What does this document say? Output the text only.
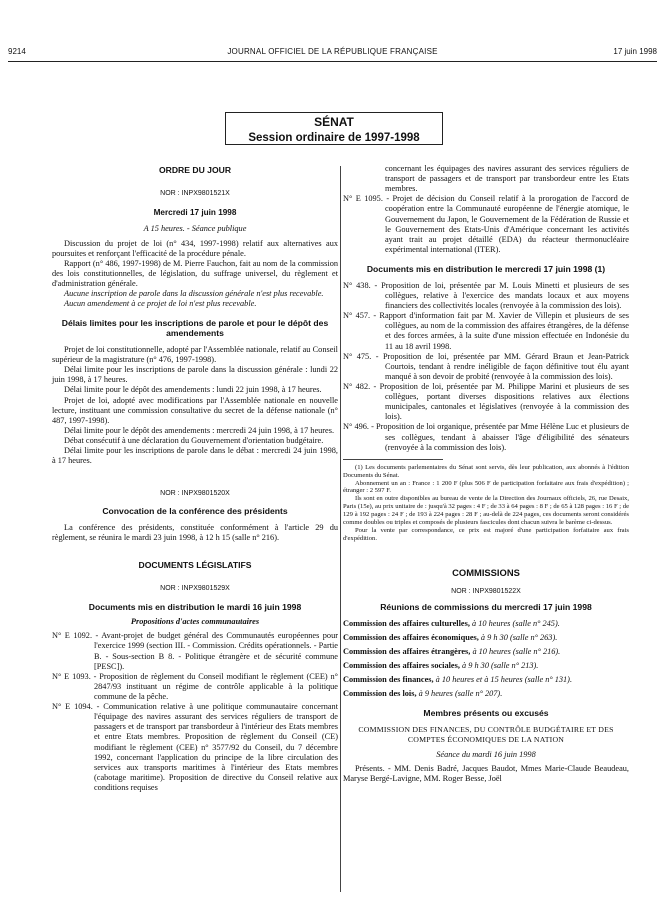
9214	JOURNAL OFFICIEL DE LA RÉPUBLIQUE FRANÇAISE	17 juin 1998
SÉNAT
Session ordinaire de 1997-1998
ORDRE DU JOUR
NOR : INPX9801521X
Mercredi 17 juin 1998
A 15 heures. - Séance publique

Discussion du projet de loi (n° 434, 1997-1998) relatif aux alternatives aux poursuites et renforçant l'efficacité de la procédure pénale.

Rapport (n° 486, 1997-1998) de M. Pierre Fauchon, fait au nom de la commission des lois constitutionnelles, de législation, du suffrage universel, du règlement et d'administration générale.

Aucune inscription de parole dans la discussion générale n'est plus recevable.

Aucun amendement à ce projet de loi n'est plus recevable.

Délais limites pour les inscriptions de parole et pour le dépôt des amendements

Projet de loi constitutionnelle, adopté par l'Assemblée nationale, relatif au Conseil supérieur de la magistrature (n° 476, 1997-1998).

Délai limite pour les inscriptions de parole dans la discussion générale : lundi 22 juin 1998, à 17 heures.

Délai limite pour le dépôt des amendements : lundi 22 juin 1998, à 17 heures.

Projet de loi, adopté avec modifications par l'Assemblée nationale en nouvelle lecture, instituant une commission consultative du secret de la défense nationale (n° 487, 1997-1998).

Délai limite pour le dépôt des amendements : mercredi 24 juin 1998, à 17 heures.

Débat consécutif à une déclaration du Gouvernement d'orientation budgétaire.

Délai limite pour les inscriptions de parole dans le débat : mercredi 24 juin 1998, à 17 heures.

NOR : INPX9801520X
Convocation de la conférence des présidents

La conférence des présidents, constituée conformément à l'article 29 du règlement, se réunira le mardi 23 juin 1998, à 12 h 15 (salle n° 216).

DOCUMENTS LÉGISLATIFS
NOR : INPX9801529X
Documents mis en distribution le mardi 16 juin 1998
Propositions d'actes communautaires

N° E 1092. - Avant-projet de budget général des Communautés européennes pour l'exercice 1999 (section III. - Commission. Crédits opérationnels. - Partie B. - Sous-section B 8. - Politique étrangère et de sécurité commune [PESC]).

N° E 1093. - Proposition de règlement du Conseil modifiant le règlement (CEE) n° 2847/93 instituant un régime de contrôle applicable à la politique commune de la pêche.

N° E 1094. - Communication relative à une politique communautaire concernant l'équipage des navires assurant des services réguliers de transport de passagers et de transport par transbordeur à l'intérieur des Etats membres et entre Etats membres. Proposition de règlement du Conseil (CE) modifiant le règlement (CEE) n° 3577/92 du Conseil, du 7 décembre 1992, concernant l'application du principe de la libre circulation des services aux transports maritimes à l'intérieur des Etats membres (cabotage maritime). Proposition de directive du Conseil relative aux conditions requises

concernant les équipages des navires assurant des services réguliers de transport de passagers et de transport par transbordeur entre les Etats membres.

N° E 1095. - Projet de décision du Conseil relatif à la prorogation de l'accord de coopération entre la Communauté européenne de l'énergie atomique, le Gouvernement du Japon, le Gouvernement de la Fédération de Russie et le Gouvernement des Etats-Unis d'Amérique concernant les activités ayant trait au projet détaillé (EDA) du réacteur thermonucléaire expérimental international (ITER).

Documents mis en distribution le mercredi 17 juin 1998 (1)

N° 438. - Proposition de loi, présentée par M. Louis Minetti et plusieurs de ses collègues, relative à l'exercice des mandats locaux et aux moyens financiers des collectivités locales (renvoyée à la commission des lois).

N° 457. - Rapport d'information fait par M. Xavier de Villepin et plusieurs de ses collègues, au nom de la commission des affaires étrangères, de la défense et des forces armées, à la suite d'une mission effectuée en Indonésie du 11 au 18 avril 1998.

N° 475. - Proposition de loi, présentée par MM. Gérard Braun et Jean-Patrick Courtois, tendant à rendre inéligible de façon définitive tout élu ayant manqué à son devoir de probité (renvoyée à la commission des lois).

N° 482. - Proposition de loi, présentée par M. Philippe Marini et plusieurs de ses collègues, portant diverses dispositions relatives aux élections municipales, cantonales et législatives (renvoyée à la commission des lois).

N° 496. - Proposition de loi organique, présentée par Mme Hélène Luc et plusieurs de ses collègues, tendant à abaisser l'âge d'éligibilité des sénateurs (renvoyée à la commission des lois).

(1) Les documents parlementaires du Sénat sont servis, dès leur publication, aux abonnés à l'édition Documents du Sénat.

Abonnement un an : France : 1 200 F (plus 506 F de participation forfaitaire aux frais d'expédition) ; étranger : 2 597 F.

Ils sont en outre disponibles au bureau de vente de la Direction des Journaux officiels, 26, rue Desaix, Paris (15e), au prix unitaire de : jusqu'à 32 pages : 4 F ; de 33 à 64 pages : 8 F ; de 65 à 128 pages : 16 F ; de 129 à 192 pages : 24 F ; de 193 à 224 pages : 28 F ; au-delà de 224 pages, ces documents seront considérés comme doubles ou triples et composés de plusieurs fascicules dont chacun suivra le barème ci-dessus.

Pour la vente par correspondance, ce prix est majoré d'une participation forfaitaire aux frais d'expédition.

COMMISSIONS
NOR : INPX9801522X
Réunions de commissions du mercredi 17 juin 1998

Commission des affaires culturelles, à 10 heures (salle n° 245).

Commission des affaires économiques, à 9 h 30 (salle n° 263).

Commission des affaires étrangères, à 10 heures (salle n° 216).

Commission des affaires sociales, à 9 h 30 (salle n° 213).

Commission des finances, à 10 heures et à 15 heures (salle n° 131).

Commission des lois, à 9 heures (salle n° 207).

Membres présents ou excusés
COMMISSION DES FINANCES, DU CONTRÔLE BUDGÉTAIRE ET DES COMPTES ÉCONOMIQUES DE LA NATION
Séance du mardi 16 juin 1998

Présents. - MM. Denis Badré, Jacques Baudot, Mmes Marie-Claude Beaudeau, Maryse Bergé-Lavigne, MM. Roger Besse, Joël
